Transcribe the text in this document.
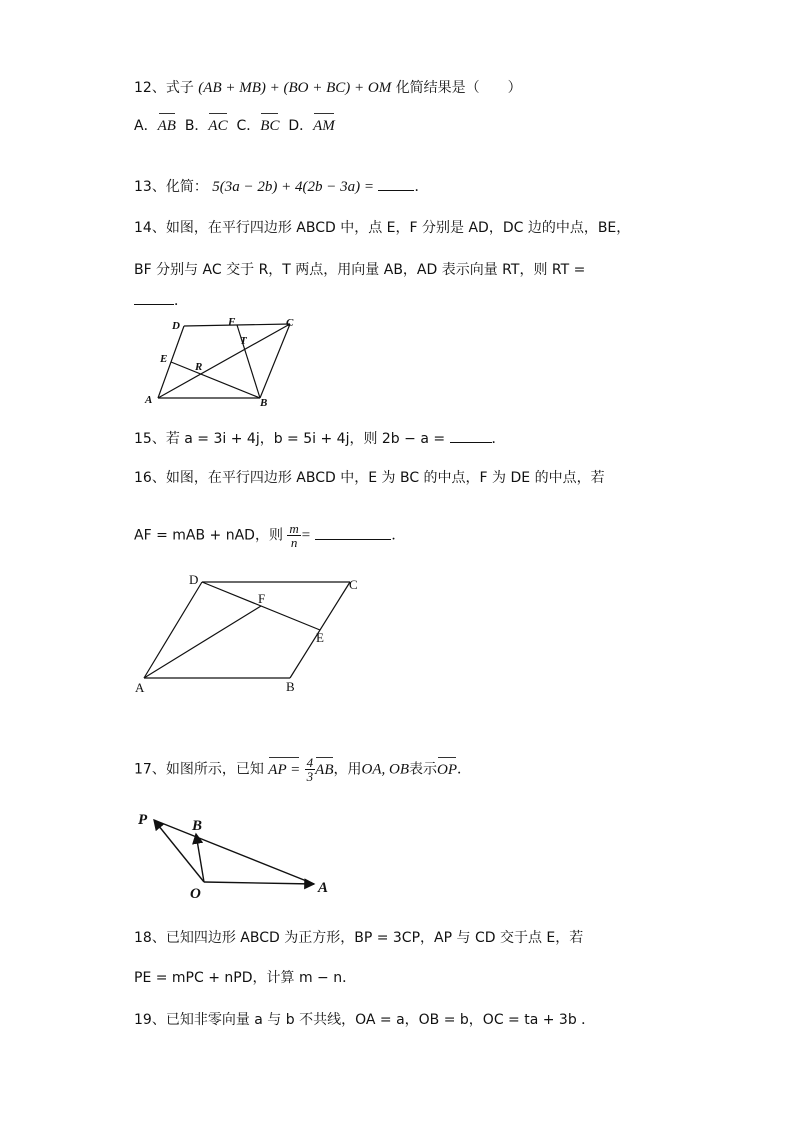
12、式子 (AB + MB) + (BO + BC) + OM 化简结果是（　　）
A．AB B．AC C．BC D．AM
13、化简： 5(3a − 2b) + 4(2b − 3a) =	．
14、如图，在平行四边形 ABCD 中，点 E，F 分别是 AD，DC 边的中点，BE，
BF 分别与 AC 交于 R，T 两点，用向量 AB，AD 表示向量 RT，则 RT =
．
D	F	C
T
E
R
A	B
15、若 a = 3i + 4j，b = 5i + 4j，则 2b − a =	．
16、如图，在平行四边形 ABCD 中，E 为 BC 的中点，F 为 DE 的中点，若
AF = mAB + nAD，则 $\frac{m}{n}$ =	．
D	C
F
E
A	B
17、如图所示，已知 AP = $\frac{4}{3}$ AB，用OA, OB表示OP．
P	B
O	A
18、已知四边形 ABCD 为正方形，BP = 3CP，AP 与 CD 交于点 E，若
PE = mPC + nPD，计算 m − n．
19、已知非零向量 a 与 b 不共线，OA = a，OB = b，OC = ta + 3b ．
